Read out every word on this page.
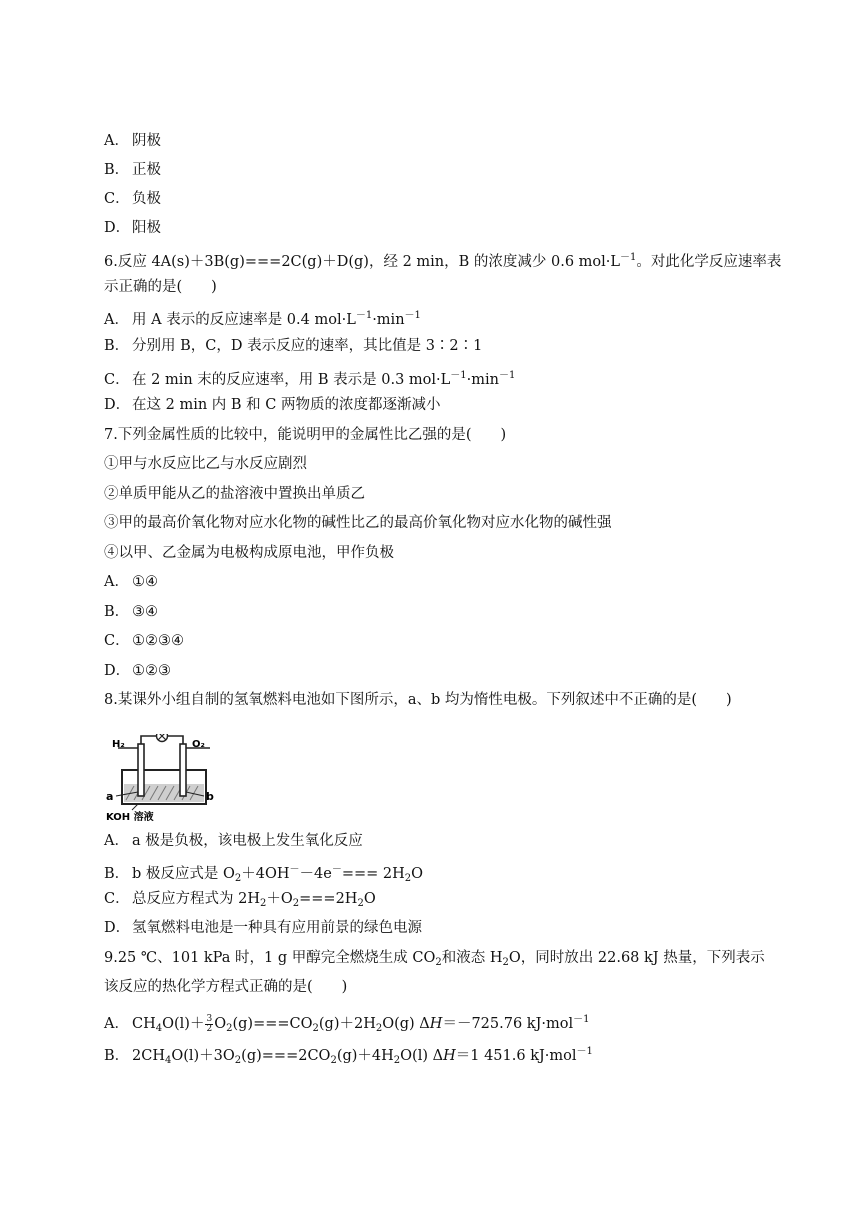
A． 阴极
B． 正极
C． 负极
D． 阳极
6.反应 4A(s)＋3B(g)===2C(g)＋D(g)，经 2 min，B 的浓度减少 0.6 $mol\cdot L^{-1}$。对此化学反应速率表
示正确的是(　　)
A． 用 A 表示的反应速率是 0.4 $mol\cdot L^{-1}\cdot\min^{-1}$
B． 分别用 B，C，D 表示反应的速率，其比值是 3∶2∶1
C． 在 2 min 末的反应速率，用 B 表示是 0.3 $mol\cdot L^{-1}\cdot\min^{-1}$
D． 在这 2 min 内 B 和 C 两物质的浓度都逐渐减小
7.下列金属性质的比较中，能说明甲的金属性比乙强的是(　　)
①甲与水反应比乙与水反应剧烈
②单质甲能从乙的盐溶液中置换出单质乙
③甲的最高价氧化物对应水化物的碱性比乙的最高价氧化物对应水化物的碱性强
④以甲、乙金属为电极构成原电池，甲作负极
A． ①④
B． ③④
C． ①②③④
D． ①②③
8.某课外小组自制的氢氧燃料电池如下图所示，a、b 均为惰性电极。下列叙述中不正确的是(　　)
H₂	O₂
a	b
KOH 溶液
A． a 极是负极，该电极上发生氧化反应
B． b 极反应式是 $O_2+4OH^--4e^-=== 2H_2O$
C． 总反应方程式为 $2H_2+O_2===2H_2O$
D． 氢氧燃料电池是一种具有应用前景的绿色电源
9.25 ℃、101 kPa 时，1 g 甲醇完全燃烧生成 $CO_2$和液态 $H_2O$，同时放出 22.68 kJ 热量，下列表示
该反应的热化学方程式正确的是(　　)
A． $CH_4O(l)+ \frac{3}{2} O_2(g)===CO_2(g)+2H_2O(g)$ ΔH＝－725.76 kJ·mol$^{-1}$
B． $2CH_4O(l)+3O_2(g)===2CO_2(g)+4H_2O(l)$ ΔH＝1 451.6 kJ·mol$^{-1}$
